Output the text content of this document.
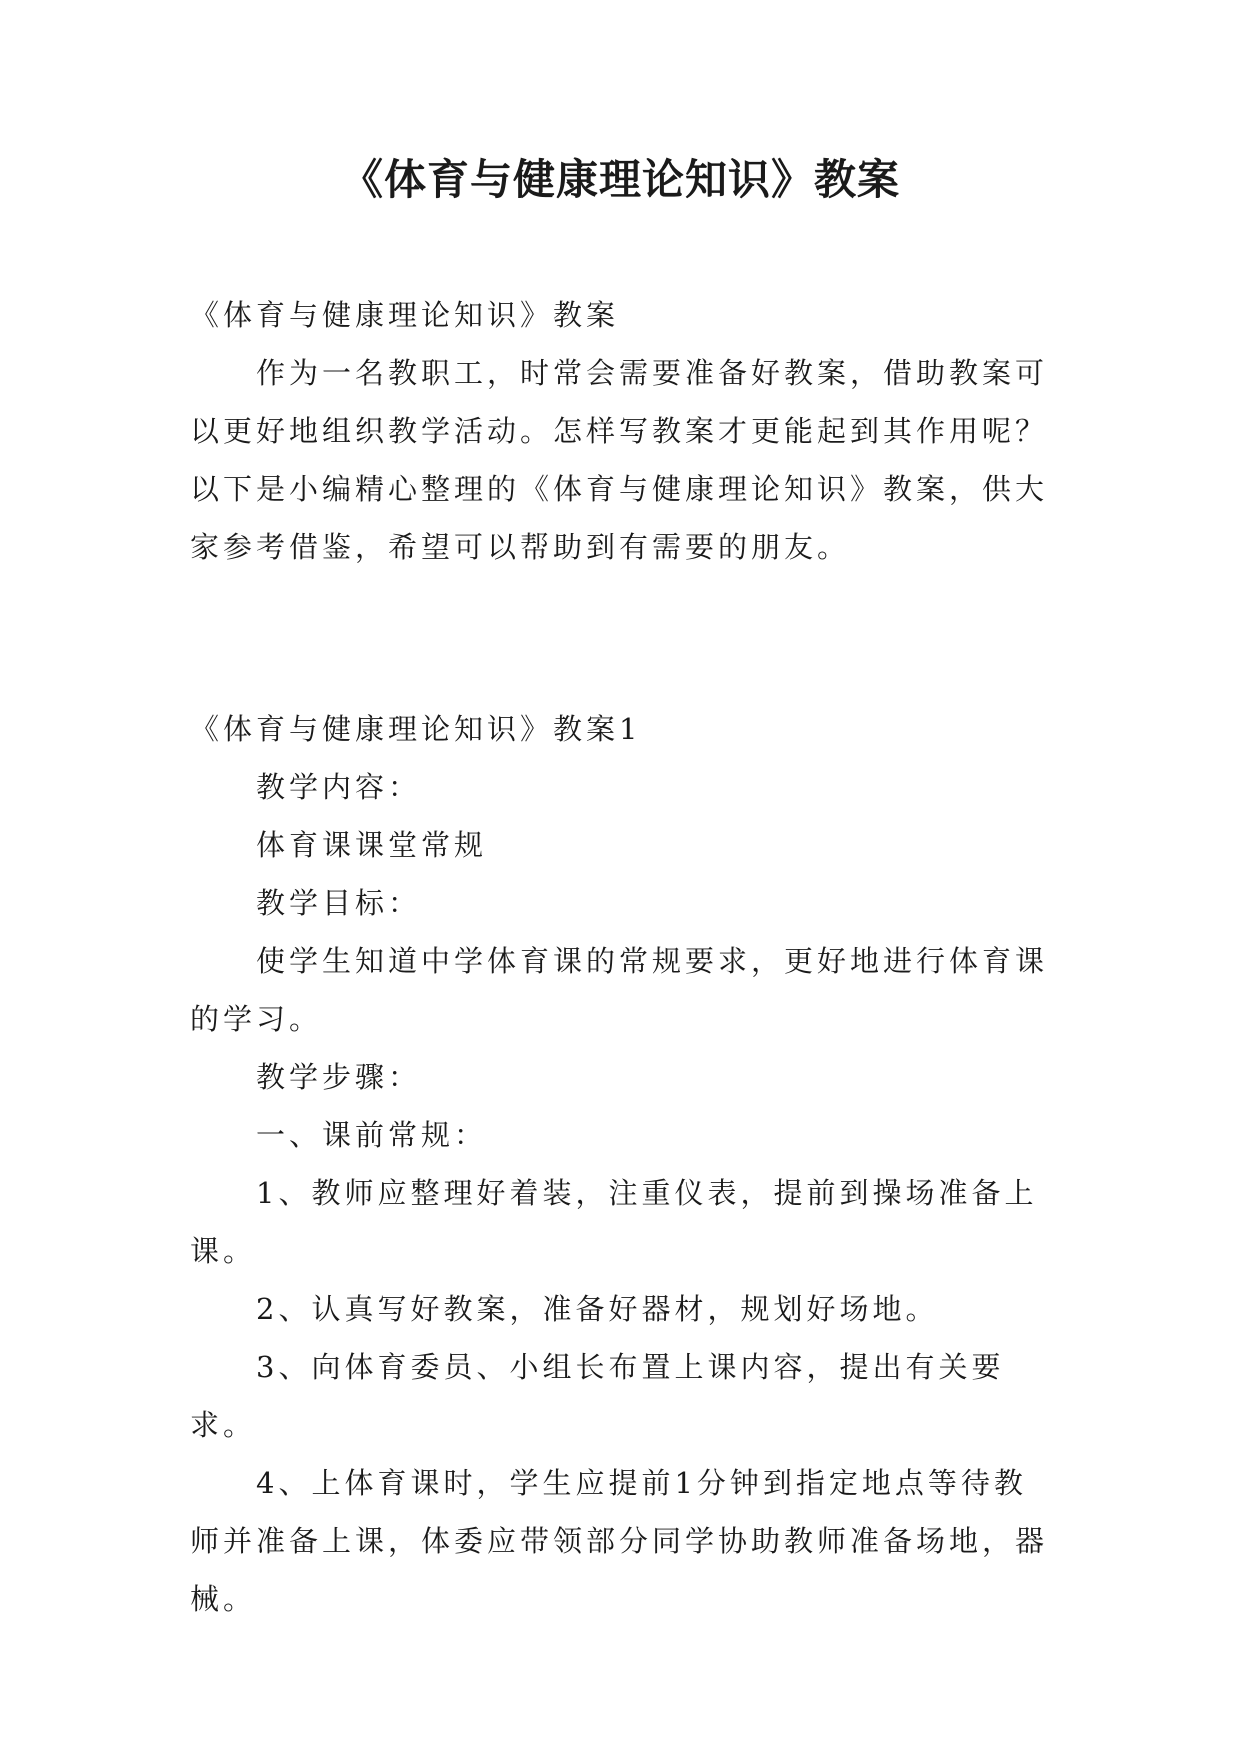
《体育与健康理论知识》教案

《体育与健康理论知识》教案

作为一名教职工，时常会需要准备好教案，借助教案可以更好地组织教学活动。怎样写教案才更能起到其作用呢？以下是小编精心整理的《体育与健康理论知识》教案，供大家参考借鉴，希望可以帮助到有需要的朋友。

《体育与健康理论知识》教案1

教学内容：

体育课课堂常规

教学目标：

使学生知道中学体育课的常规要求，更好地进行体育课的学习。

教学步骤：

一、课前常规：

1、教师应整理好着装，注重仪表，提前到操场准备上课。

2、认真写好教案，准备好器材，规划好场地。

3、向体育委员、小组长布置上课内容，提出有关要求。

4、上体育课时，学生应提前1分钟到指定地点等待教师并准备上课，体委应带领部分同学协助教师准备场地，器械。
